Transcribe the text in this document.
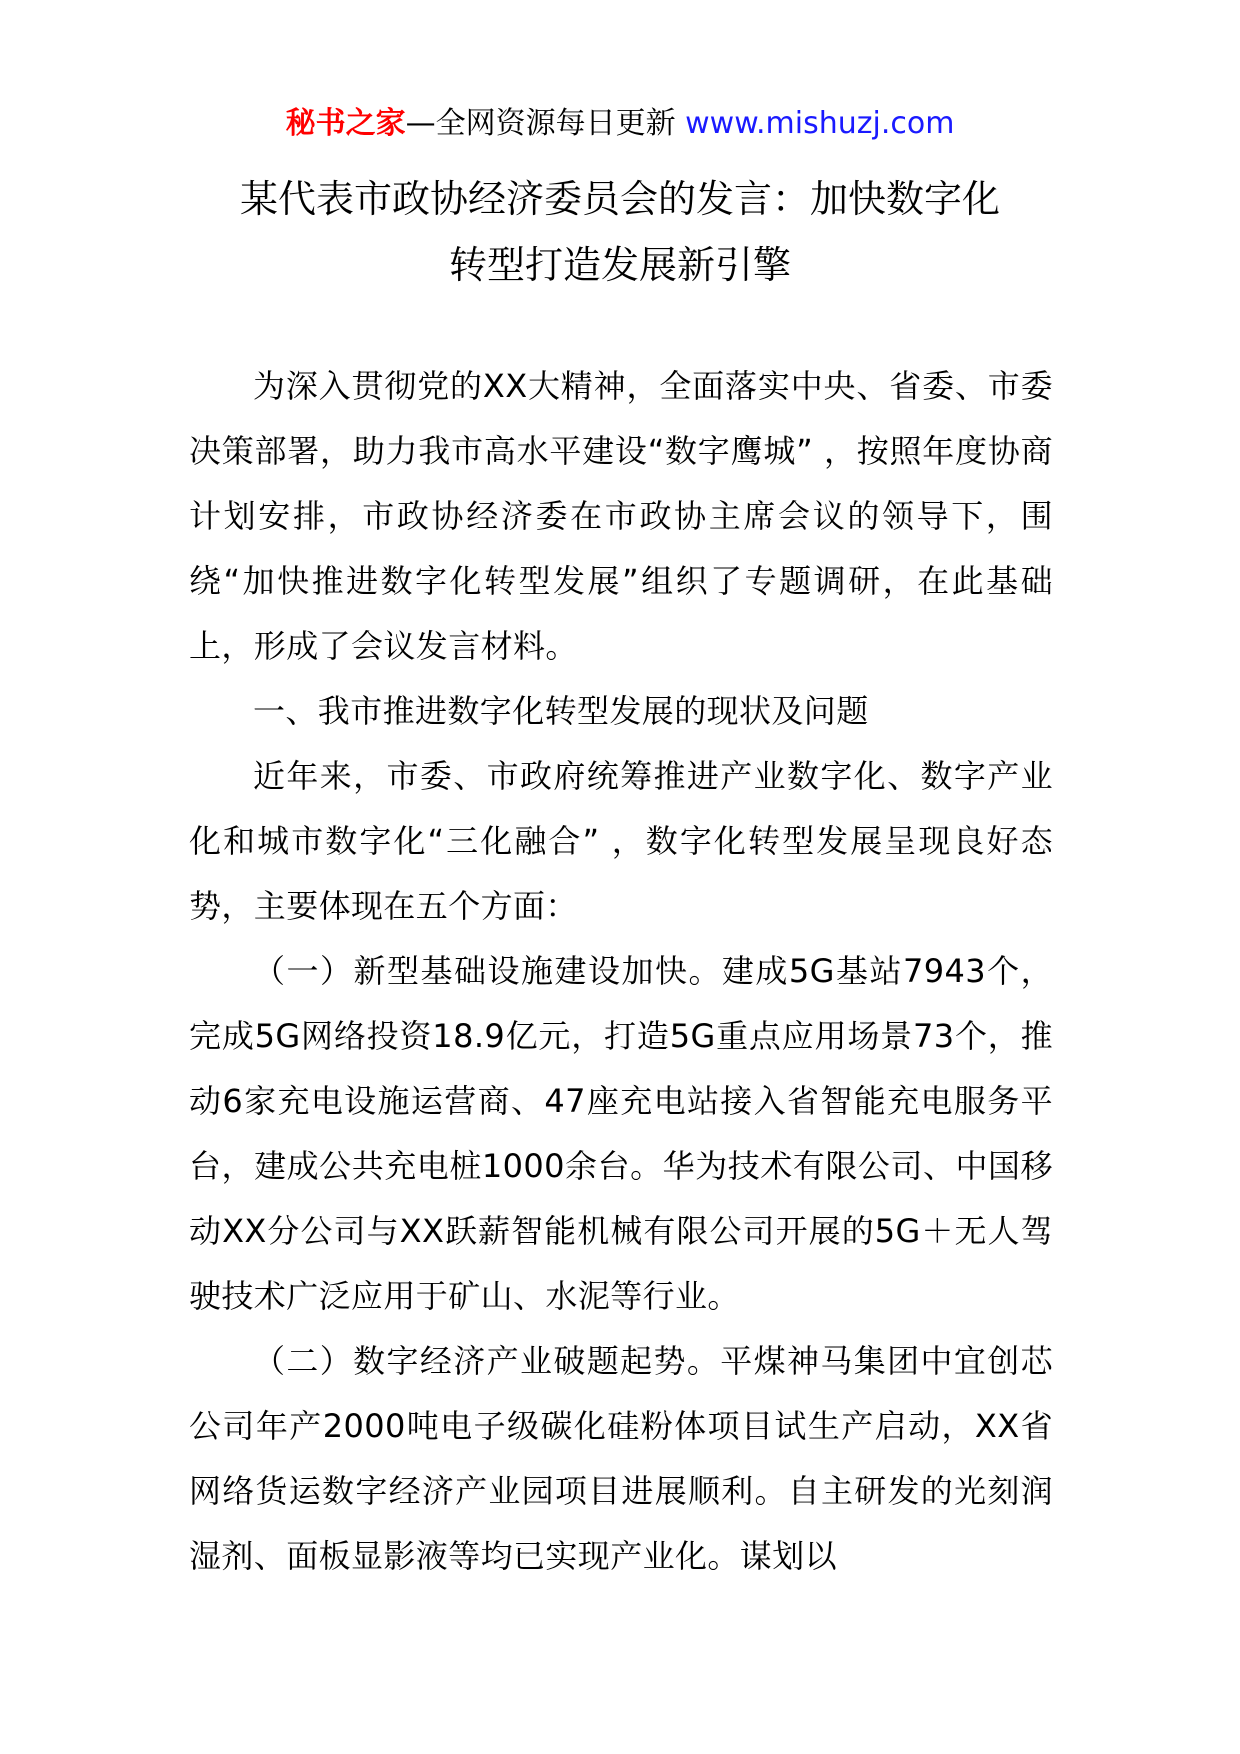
秘书之家—全网资源每日更新 www.mishuzj.com
某代表市政协经济委员会的发言：加快数字化
转型打造发展新引擎

为深入贯彻党的XX大精神，全面落实中央、省委、市委决策部署，助力我市高水平建设“数字鹰城” ，按照年度协商计划安排，市政协经济委在市政协主席会议的领导下，围绕“加快推进数字化转型发展”组织了专题调研，在此基础上，形成了会议发言材料。

一、我市推进数字化转型发展的现状及问题

近年来，市委、市政府统筹推进产业数字化、数字产业化和城市数字化“三化融合” ，数字化转型发展呈现良好态势，主要体现在五个方面：

（一）新型基础设施建设加快。建成5G基站7943个，完成5G网络投资18.9亿元，打造5G重点应用场景73个，推动6家充电设施运营商、47座充电站接入省智能充电服务平台，建成公共充电桩1000余台。华为技术有限公司、中国移动XX分公司与XX跃薪智能机械有限公司开展的5G＋无人驾驶技术广泛应用于矿山、水泥等行业。

（二）数字经济产业破题起势。平煤神马集团中宜创芯公司年产2000吨电子级碳化硅粉体项目试生产启动，XX省网络货运数字经济产业园项目进展顺利。自主研发的光刻润湿剂、面板显影液等均已实现产业化。谋划以
